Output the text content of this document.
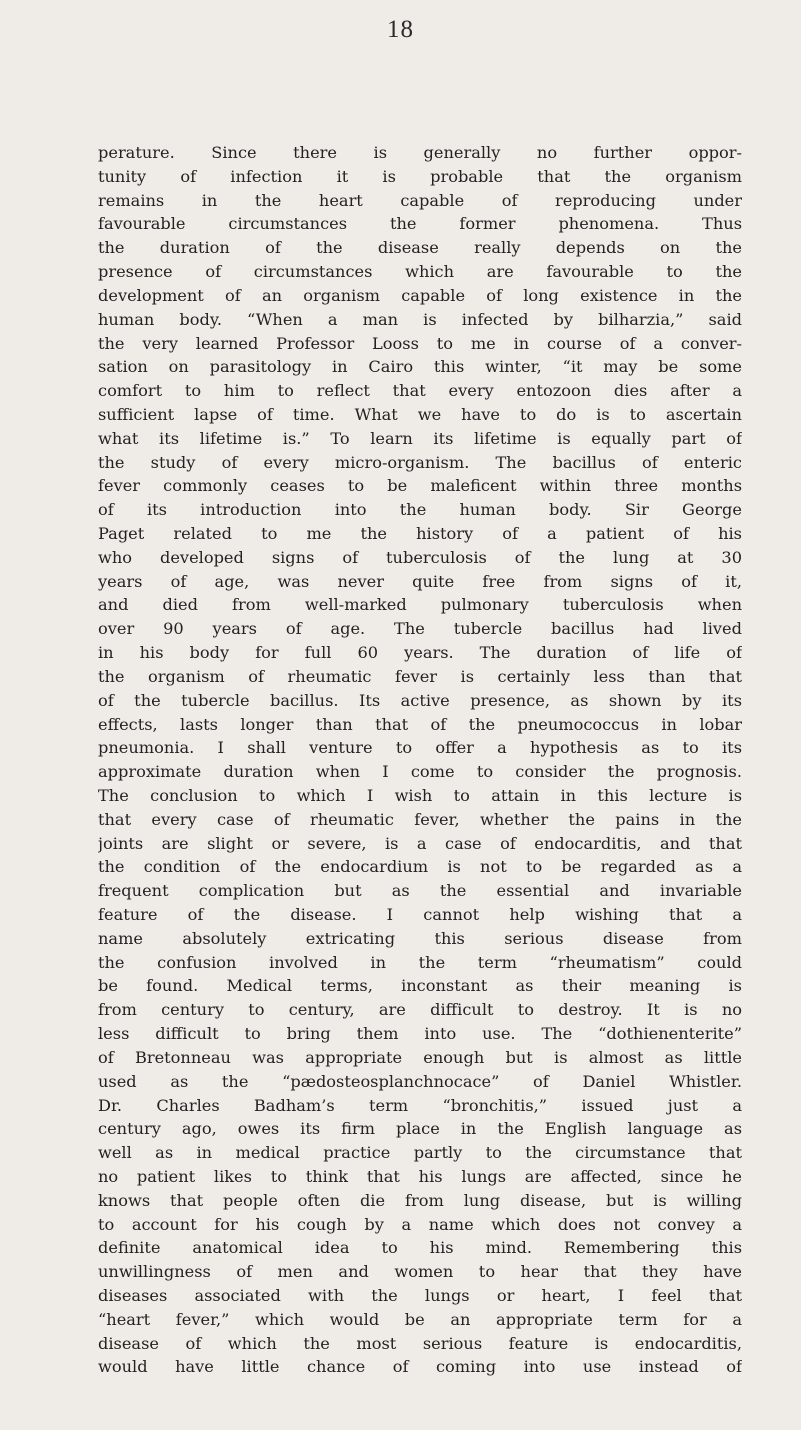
18
perature. Since there is generally no further oppor-
tunity of infection it is probable that the organism
remains in the heart capable of reproducing under
favourable circumstances the former phenomena. Thus
the duration of the disease really depends on the
presence of circumstances which are favourable to the
development of an organism capable of long existence in the
human body. “When a man is infected by bilharzia,” said
the very learned Professor Looss to me in course of a conver-
sation on parasitology in Cairo this winter, “it may be some
comfort to him to reflect that every entozoon dies after a
sufficient lapse of time. What we have to do is to ascertain
what its lifetime is.” To learn its lifetime is equally part of
the study of every micro-organism. The bacillus of enteric
fever commonly ceases to be maleficent within three months
of its introduction into the human body. Sir George
Paget related to me the history of a patient of his
who developed signs of tuberculosis of the lung at 30
years of age, was never quite free from signs of it,
and died from well-marked pulmonary tuberculosis when
over 90 years of age. The tubercle bacillus had lived
in his body for full 60 years. The duration of life of
the organism of rheumatic fever is certainly less than that
of the tubercle bacillus. Its active presence, as shown by its
effects, lasts longer than that of the pneumococcus in lobar
pneumonia. I shall venture to offer a hypothesis as to its
approximate duration when I come to consider the prognosis.
The conclusion to which I wish to attain in this lecture is
that every case of rheumatic fever, whether the pains in the
joints are slight or severe, is a case of endocarditis, and that
the condition of the endocardium is not to be regarded as a
frequent complication but as the essential and invariable
feature of the disease. I cannot help wishing that a
name absolutely extricating this serious disease from
the confusion involved in the term “rheumatism” could
be found. Medical terms, inconstant as their meaning is
from century to century, are difficult to destroy. It is no
less difficult to bring them into use. The “dothienenterite”
of Bretonneau was appropriate enough but is almost as little
used as the “pædosteosplanchnocace” of Daniel Whistler.
Dr. Charles Badham’s term “bronchitis,” issued just a
century ago, owes its firm place in the English language as
well as in medical practice partly to the circumstance that
no patient likes to think that his lungs are affected, since he
knows that people often die from lung disease, but is willing
to account for his cough by a name which does not convey a
definite anatomical idea to his mind. Remembering this
unwillingness of men and women to hear that they have
diseases associated with the lungs or heart, I feel that
“heart fever,” which would be an appropriate term for a
disease of which the most serious feature is endocarditis,
would have little chance of coming into use instead of
